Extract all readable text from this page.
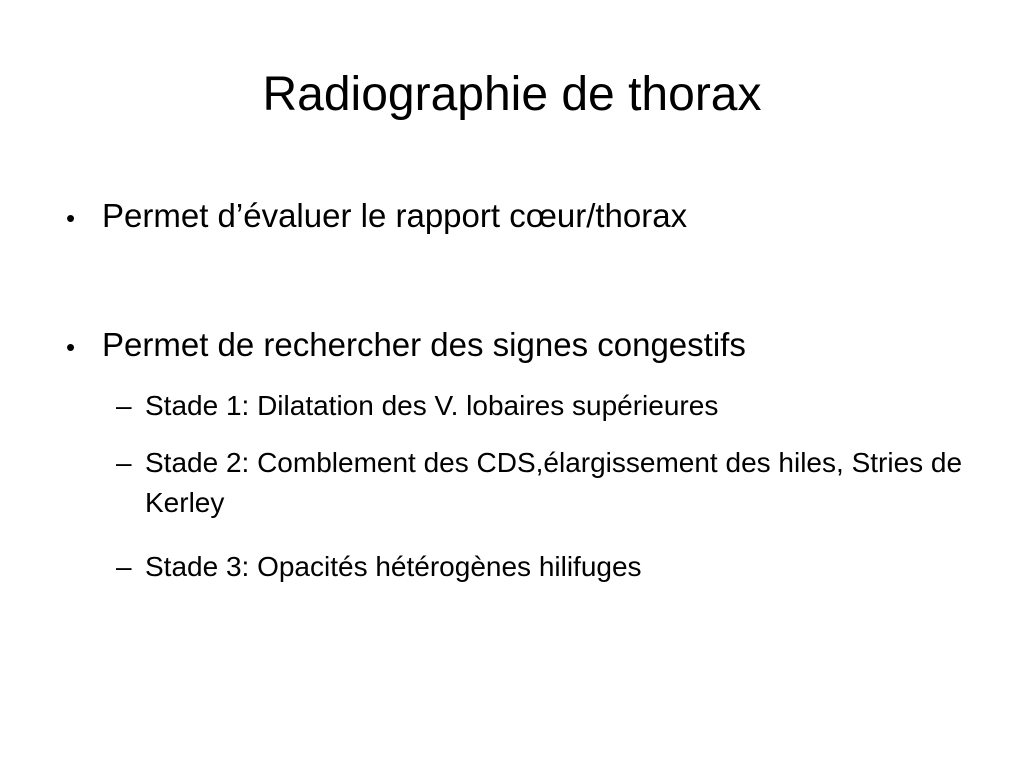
Radiographie de thorax
• Permet d’évaluer le rapport cœur/thorax
• Permet de rechercher des signes congestifs
– Stade 1: Dilatation des V. lobaires supérieures
– Stade 2: Comblement des CDS,élargissement des hiles, Stries de Kerley
– Stade 3: Opacités hétérogènes hilifuges
